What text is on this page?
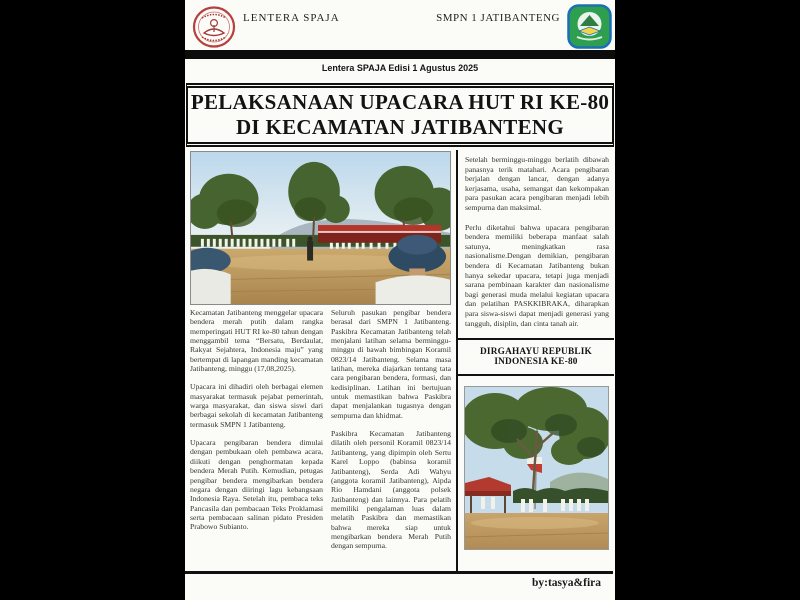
LENTERA SPAJA	SMPN 1 JATIBANTENG
Lentera SPAJA Edisi 1 Agustus 2025
PELAKSANAAN UPACARA HUT RI KE-80
DI KECAMATAN JATIBANTENG

Kecamatan Jatibanteng menggelar upacara bendera merah putih dalam rangka memperingati HUT RI ke-80 tahun dengan menggambil tema “Bersatu, Berdaulat, Rakyat Sejahtera, Indonesia maju” yang bertempat di lapangan manding kecamatan Jatibanteng, minggu (17,08,2025).

Upacara ini dihadiri oleh berbagai elemen masyarakat termasuk pejabat pemerintah, warga masyarakat, dan siswa siswi dari berbagai sekolah di kecamatan Jatibanteng termasuk SMPN 1 Jatibanteng.

Upacara pengibaran bendera dimulai dengan pembukaan oleh pembawa acara, diikuti dengan penghormatan kepada bendera Merah Putih. Kemudian, petugas pengibar bendera mengibarkan bendera negara dengan diiringi lagu kebangsaan Indonesia Raya. Setelah itu, pembaca teks Pancasila dan pembacaan Teks Proklamasi serta pembacaan salinan pidato Presiden Prabowo Subianto.

Seluruh pasukan pengibar bendera berasal dari SMPN 1 Jatibanteng. Paskibra Kecamatan Jatibanteng telah menjalani latihan selama berminggu-minggu di bawah bimbingan Koramil 0823/14 Jatibanteng. Selama masa latihan, mereka diajarkan tentang tata cara pengibaran bendera, formasi, dan kedisiplinan. Latihan ini bertujuan untuk memastikan bahwa Paskibra dapat menjalankan tugasnya dengan sempurna dan khidmat.

Paskibra Kecamatan Jatibanteng dilatih oleh personil Koramil 0823/14 Jatibanteng, yang dipimpin oleh Sertu Karel Loppo (babinsa koramil Jatibanteng), Serda Adi Wahyu (anggota koramil Jatibanteng), Aipda Rio Hamdani (anggota polsek Jatibanteng) dan lainnya. Para pelatih memiliki pengalaman luas dalam melatih Paskibra dan memastikan bahwa mereka siap untuk mengibarkan bendera Merah Putih dengan sempurna.

Setelah berminggu-minggu berlatih dibawah panasnya terik matahari. Acara pengibaran berjalan dengan lancar, dengan adanya kerjasama, usaha, semangat dan kekompakan para pasukan acara pengibaran menjadi lebih sempurna dan maksimal.

Perlu diketahui bahwa upacara pengibaran bendera memiliki beberapa manfaat salah satunya, meningkatkan rasa nasionalisme.Dengan demikian, pengibaran bendera di Kecamatan Jatibanteng bukan hanya sekedar upacara, tetapi juga menjadi sarana pembinaan karakter dan nasionalisme bagi generasi muda melalui kegiatan upacara dan pelatihan PASKKIBRAKA, diharapkan para siswa-siswi dapat menjadi generasi yang tangguh, disiplin, dan cinta tanah air.

DIRGAHAYU REPUBLIK INDONESIA KE-80
by:tasya&fira
